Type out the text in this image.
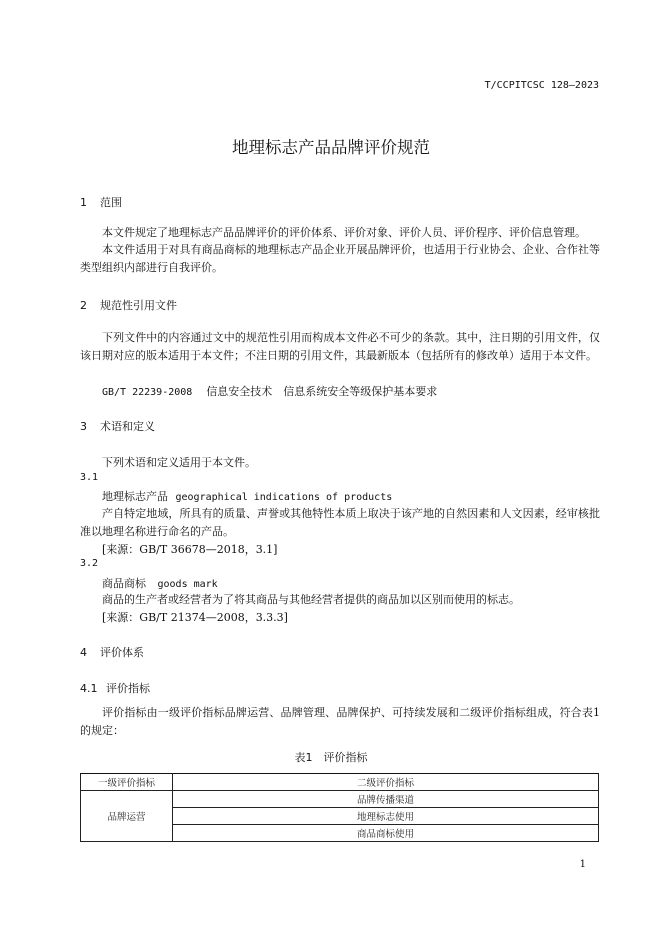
T/CCPITCSC 128—2023
地理标志产品品牌评价规范
1 范围
本文件规定了地理标志产品品牌评价的评价体系、评价对象、评价人员、评价程序、评价信息管理。
本文件适用于对具有商品商标的地理标志产品企业开展品牌评价，也适用于行业协会、企业、合作社等类型组织内部进行自我评价。
2 规范性引用文件
下列文件中的内容通过文中的规范性引用而构成本文件必不可少的条款。其中，注日期的引用文件，仅该日期对应的版本适用于本文件；不注日期的引用文件，其最新版本（包括所有的修改单）适用于本文件。
GB/T 22239-2008 信息安全技术　信息系统安全等级保护基本要求
3 术语和定义
下列术语和定义适用于本文件。
3.1
地理标志产品 geographical indications of products
产自特定地域，所具有的质量、声誉或其他特性本质上取决于该产地的自然因素和人文因素，经审核批准以地理名称进行命名的产品。
[来源：GB/T 36678—2018，3.1]
3.2
商品商标 goods mark
商品的生产者或经营者为了将其商品与其他经营者提供的商品加以区别而使用的标志。
[来源：GB/T 21374—2008，3.3.3]
4 评价体系
4.1 评价指标
评价指标由一级评价指标品牌运营、品牌管理、品牌保护、可持续发展和二级评价指标组成，符合表1的规定：
表1　评价指标
一级评价指标	二级评价指标
品牌运营	品牌传播渠道
	地理标志使用
	商品商标使用
1
